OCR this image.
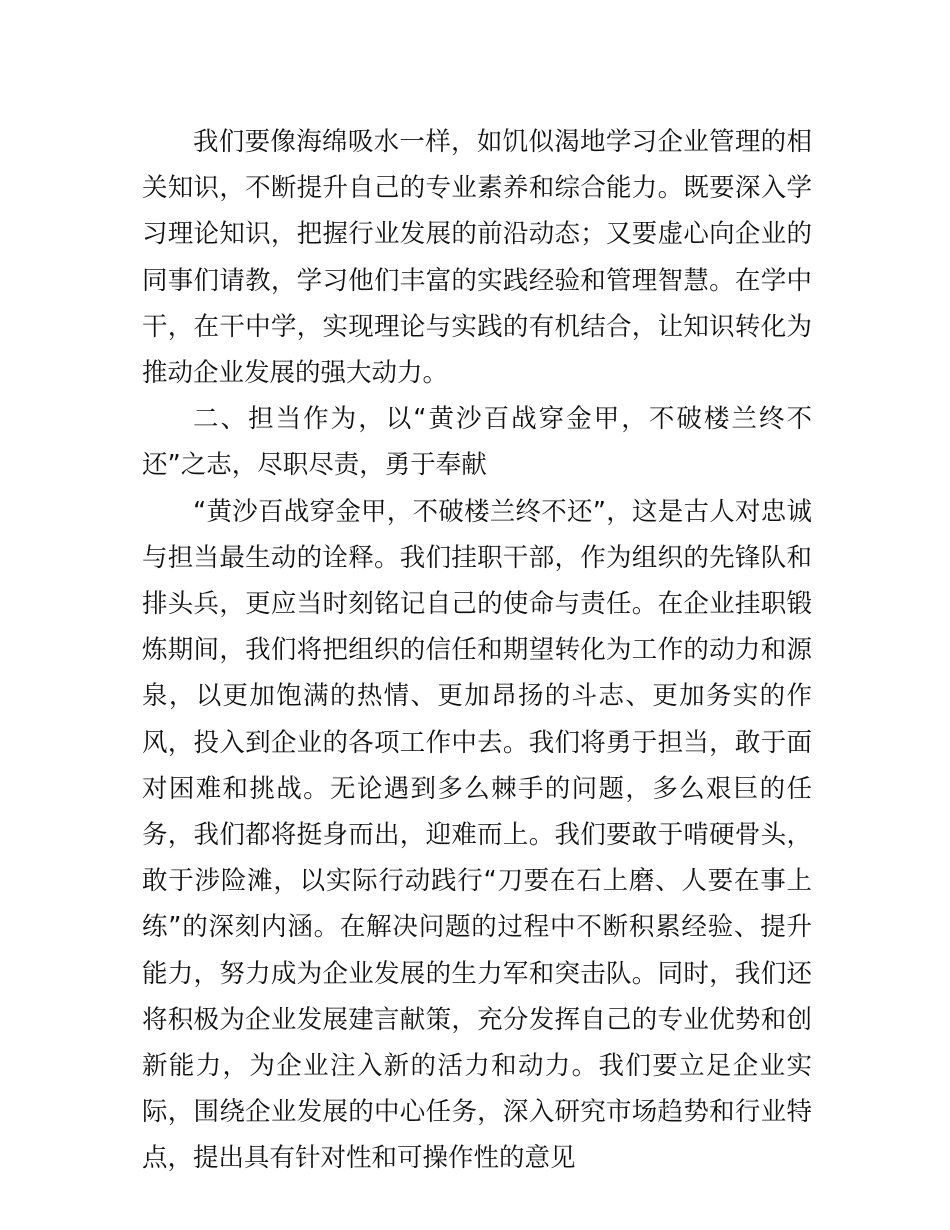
我们要像海绵吸水一样，如饥似渴地学习企业管理的相关知识，不断提升自己的专业素养和综合能力。既要深入学习理论知识，把握行业发展的前沿动态；又要虚心向企业的同事们请教，学习他们丰富的实践经验和管理智慧。在学中干，在干中学，实现理论与实践的有机结合，让知识转化为推动企业发展的强大动力。

二、担当作为，以“黄沙百战穿金甲，不破楼兰终不还”之志，尽职尽责，勇于奉献

“黄沙百战穿金甲，不破楼兰终不还”，这是古人对忠诚与担当最生动的诠释。我们挂职干部，作为组织的先锋队和排头兵，更应当时刻铭记自己的使命与责任。在企业挂职锻炼期间，我们将把组织的信任和期望转化为工作的动力和源泉，以更加饱满的热情、更加昂扬的斗志、更加务实的作风，投入到企业的各项工作中去。我们将勇于担当，敢于面对困难和挑战。无论遇到多么棘手的问题，多么艰巨的任务，我们都将挺身而出，迎难而上。我们要敢于啃硬骨头，敢于涉险滩，以实际行动践行“刀要在石上磨、人要在事上练”的深刻内涵。在解决问题的过程中不断积累经验、提升能力，努力成为企业发展的生力军和突击队。同时，我们还将积极为企业发展建言献策，充分发挥自己的专业优势和创新能力，为企业注入新的活力和动力。我们要立足企业实际，围绕企业发展的中心任务，深入研究市场趋势和行业特点，提出具有针对性和可操作性的意见
